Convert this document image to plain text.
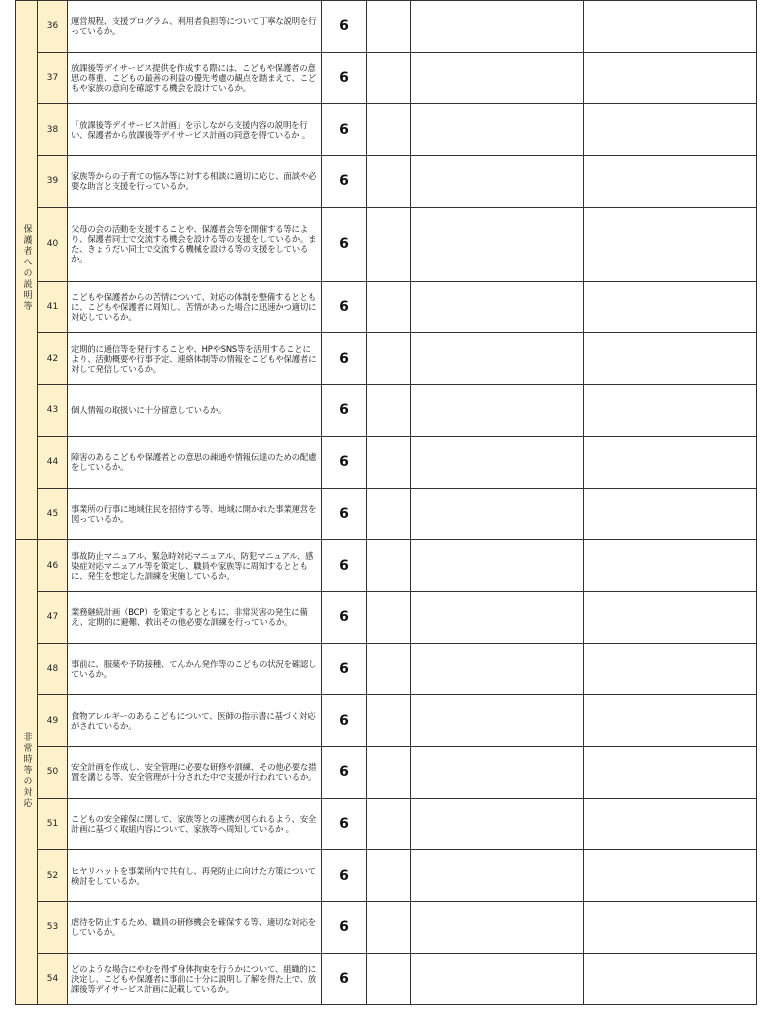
保護者への説明等	36	運営規程、支援プログラム、利用者負担等について丁寧な説明を行っているか。	6			
	37	放課後等デイサービス提供を作成する際には、こどもや保護者の意思の尊重、こどもの最善の利益の優先考慮の観点を踏まえて、こどもや家族の意向を確認する機会を設けているか。	6			
	38	「放課後等デイサービス計画」を示しながら支援内容の説明を行い、保護者から放課後等デイサービス計画の同意を得ているか 。	6			
	39	家族等からの子育ての悩み等に対する相談に適切に応じ、面談や必要な助言と支援を行っているか。	6			
	40	父母の会の活動を支援することや、保護者会等を開催する等により、保護者同士で交流する機会を設ける等の支援をしているか。また、きょうだい同士で交流する機械を設ける等の支援をしているか。	6			
	41	こどもや保護者からの苦情について、対応の体制を整備するとともに、こどもや保護者に周知し、苦情があった場合に迅速かつ適切に対応しているか。	6			
	42	定期的に通信等を発行することや、HPやSNS等を活用することにより、活動概要や行事予定、連絡体制等の情報をこどもや保護者に対して発信しているか。	6			
	43	個人情報の取扱いに十分留意しているか。	6			
	44	障害のあるこどもや保護者との意思の疎通や情報伝達のための配慮をしているか。	6			
	45	事業所の行事に地域住民を招待する等、地域に開かれた事業運営を図っているか。	6			
非常時等の対応	46	事故防止マニュアル、緊急時対応マニュアル、防犯マニュアル、感染症対応マニュアル等を策定し、職員や家族等に周知するとともに、発生を想定した訓練を実施しているか。	6			
	47	業務継続計画（BCP）を策定するとともに、非常災害の発生に備え、定期的に避難、救出その他必要な訓練を行っているか。	6			
	48	事前に、服薬や予防接種、てんかん発作等のこどもの状況を確認しているか。	6			
	49	食物アレルギーのあるこどもについて、医師の指示書に基づく対応がされているか。	6			
	50	安全計画を作成し、安全管理に必要な研修や訓練、その他必要な措置を講じる等、安全管理が十分された中で支援が行われているか。	6			
	51	こどもの安全確保に関して、家族等との連携が図られるよう、安全計画に基づく取組内容について、家族等へ周知しているか 。	6			
	52	ヒヤリハットを事業所内で共有し、再発防止に向けた方策について検討をしているか。	6			
	53	虐待を防止するため、職員の研修機会を確保する等、適切な対応をしているか。	6			
	54	どのような場合にやむを得ず身体拘束を行うかについて、組織的に決定し、こどもや保護者に事前に十分に説明し了解を得た上で、放課後等デイサービス計画に記載しているか。	6			
